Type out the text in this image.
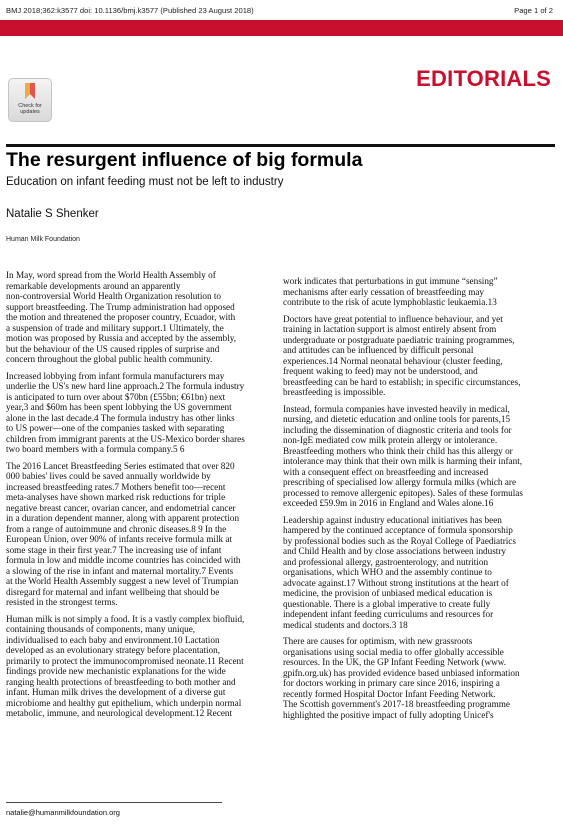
BMJ 2018;362:k3577 doi: 10.1136/bmj.k3577 (Published 23 August 2018)	Page 1 of 2
EDITORIALS
Check for
updates
The resurgent influence of big formula
Education on infant feeding must not be left to industry
Natalie S Shenker
Human Milk Foundation

In May, word spread from the World Health Assembly of
remarkable developments around an apparently
non-controversial World Health Organization resolution to
support breastfeeding. The Trump administration had opposed
the motion and threatened the proposer country, Ecuador, with
a suspension of trade and military support.1 Ultimately, the
motion was proposed by Russia and accepted by the assembly,
but the behaviour of the US caused ripples of surprise and
concern throughout the global public health community.

Increased lobbying from infant formula manufacturers may
underlie the US's new hard line approach.2 The formula industry
is anticipated to turn over about $70bn (£55bn; €61bn) next
year,3 and $60m has been spent lobbying the US government
alone in the last decade.4 The formula industry has other links
to US power—one of the companies tasked with separating
children from immigrant parents at the US-Mexico border shares
two board members with a formula company.5 6

The 2016 Lancet Breastfeeding Series estimated that over 820
000 babies' lives could be saved annually worldwide by
increased breastfeeding rates.7 Mothers benefit too—recent
meta-analyses have shown marked risk reductions for triple
negative breast cancer, ovarian cancer, and endometrial cancer
in a duration dependent manner, along with apparent protection
from a range of autoimmune and chronic diseases.8 9 In the
European Union, over 90% of infants receive formula milk at
some stage in their first year.7 The increasing use of infant
formula in low and middle income countries has coincided with
a slowing of the rise in infant and maternal mortality.7 Events
at the World Health Assembly suggest a new level of Trumpian
disregard for maternal and infant wellbeing that should be
resisted in the strongest terms.

Human milk is not simply a food. It is a vastly complex biofluid,
containing thousands of components, many unique,
individualised to each baby and environment.10 Lactation
developed as an evolutionary strategy before placentation,
primarily to protect the immunocompromised neonate.11 Recent
findings provide new mechanistic explanations for the wide
ranging health protections of breastfeeding to both mother and
infant. Human milk drives the development of a diverse gut
microbiome and healthy gut epithelium, which underpin normal
metabolic, immune, and neurological development.12 Recent

work indicates that perturbations in gut immune “sensing”
mechanisms after early cessation of breastfeeding may
contribute to the risk of acute lymphoblastic leukaemia.13

Doctors have great potential to influence behaviour, and yet
training in lactation support is almost entirely absent from
undergraduate or postgraduate paediatric training programmes,
and attitudes can be influenced by difficult personal
experiences.14 Normal neonatal behaviour (cluster feeding,
frequent waking to feed) may not be understood, and
breastfeeding can be hard to establish; in specific circumstances,
breastfeeding is impossible.

Instead, formula companies have invested heavily in medical,
nursing, and dietetic education and online tools for parents,15
including the dissemination of diagnostic criteria and tools for
non-IgE mediated cow milk protein allergy or intolerance.
Breastfeeding mothers who think their child has this allergy or
intolerance may think that their own milk is harming their infant,
with a consequent effect on breastfeeding and increased
prescribing of specialised low allergy formula milks (which are
processed to remove allergenic epitopes). Sales of these formulas
exceeded £59.9m in 2016 in England and Wales alone.16

Leadership against industry educational initiatives has been
hampered by the continued acceptance of formula sponsorship
by professional bodies such as the Royal College of Paediatrics
and Child Health and by close associations between industry
and professional allergy, gastroenterology, and nutrition
organisations, which WHO and the assembly continue to
advocate against.17 Without strong institutions at the heart of
medicine, the provision of unbiased medical education is
questionable. There is a global imperative to create fully
independent infant feeding curriculums and resources for
medical students and doctors.3 18

There are causes for optimism, with new grassroots
organisations using social media to offer globally accessible
resources. In the UK, the GP Infant Feeding Network (www.
gpifn.org.uk) has provided evidence based unbiased information
for doctors working in primary care since 2016, inspiring a
recently formed Hospital Doctor Infant Feeding Network.
The Scottish government's 2017-18 breastfeeding programme
highlighted the positive impact of fully adopting Unicef's

natalie@humanmilkfoundation.org
